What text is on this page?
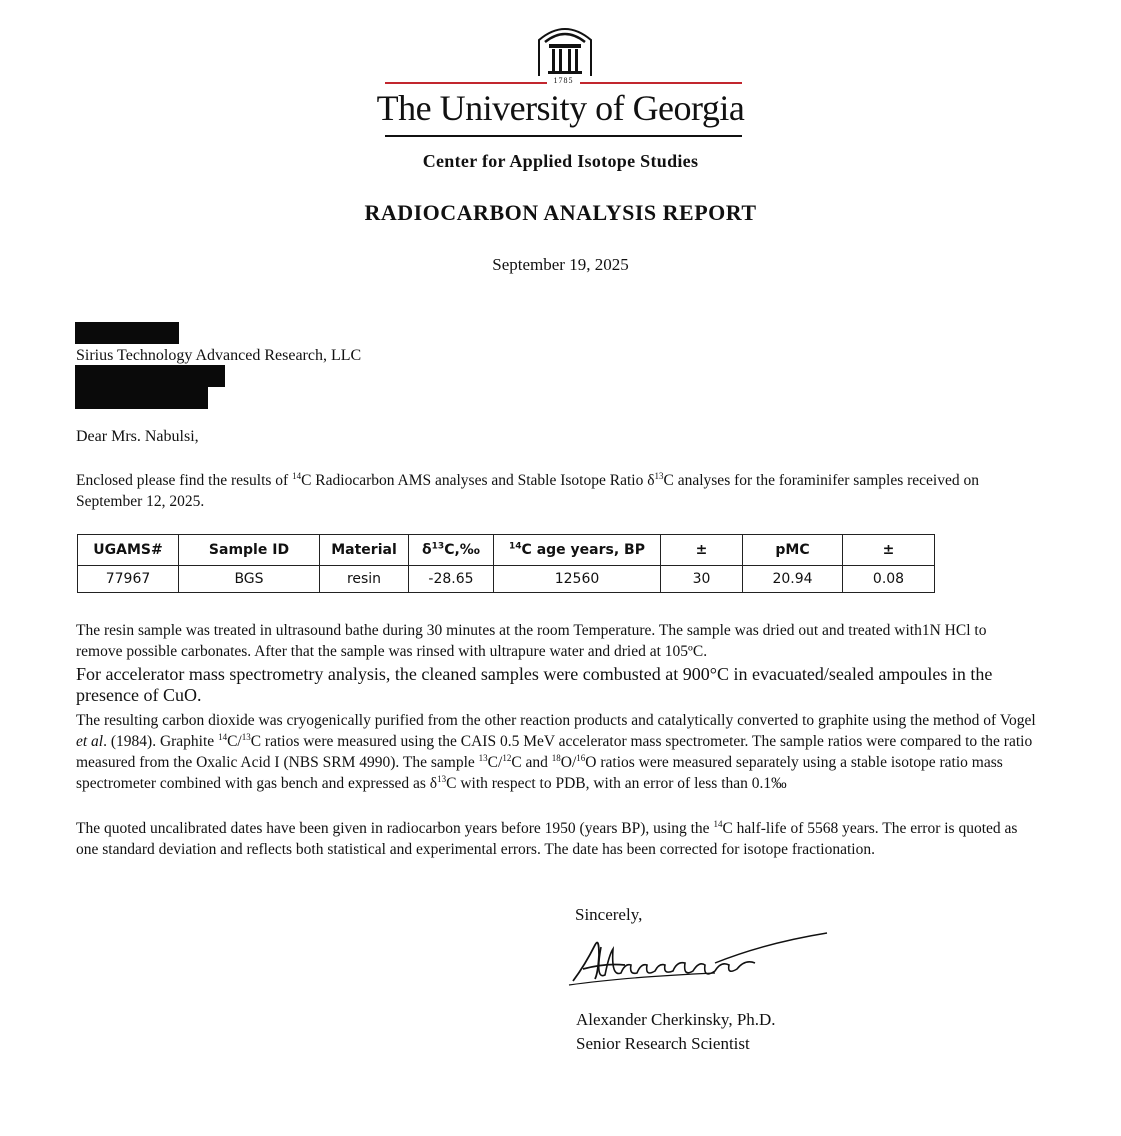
1785
The University of Georgia
Center for Applied Isotope Studies
RADIOCARBON ANALYSIS REPORT
September 19, 2025
Sirius Technology Advanced Research, LLC
Dear Mrs. Nabulsi,
Enclosed please find the results of $^{14}$C Radiocarbon AMS analyses and Stable Isotope Ratio $\delta^{13}C$ analyses for the foraminifer samples received on September 12, 2025.
UGAMS#	Sample ID	Material	$\delta^{13}C,‰$	$^{14}$C age years, BP	±	pMC	±
77967	BGS	resin	-28.65	12560	30	20.94	0.08

The resin sample was treated in ultrasound bathe during 30 minutes at the room Temperature. The sample was dried out and treated with1N HCl to remove possible carbonates. After that the sample was rinsed with ultrapure water and dried at 105ºC.

For accelerator mass spectrometry analysis, the cleaned samples were combusted at 900°C in evacuated/sealed ampoules in the presence of CuO.

The resulting carbon dioxide was cryogenically purified from the other reaction products and catalytically converted to graphite using the method of Vogel et al. (1984). Graphite $^{14}$C/$^{13}$C ratios were measured using the CAIS 0.5 MeV accelerator mass spectrometer. The sample ratios were compared to the ratio measured from the Oxalic Acid I (NBS SRM 4990). The sample $^{13}$C/$^{12}$C and $^{18}$O/$^{16}$O ratios were measured separately using a stable isotope ratio mass spectrometer combined with gas bench and expressed as $\delta^{13}C$ with respect to PDB, with an error of less than 0.1‰

The quoted uncalibrated dates have been given in radiocarbon years before 1950 (years BP), using the $^{14}$C half-life of 5568 years. The error is quoted as one standard deviation and reflects both statistical and experimental errors. The date has been corrected for isotope fractionation.

Sincerely,
Alexander Cherkinsky, Ph.D.
Senior Research Scientist
